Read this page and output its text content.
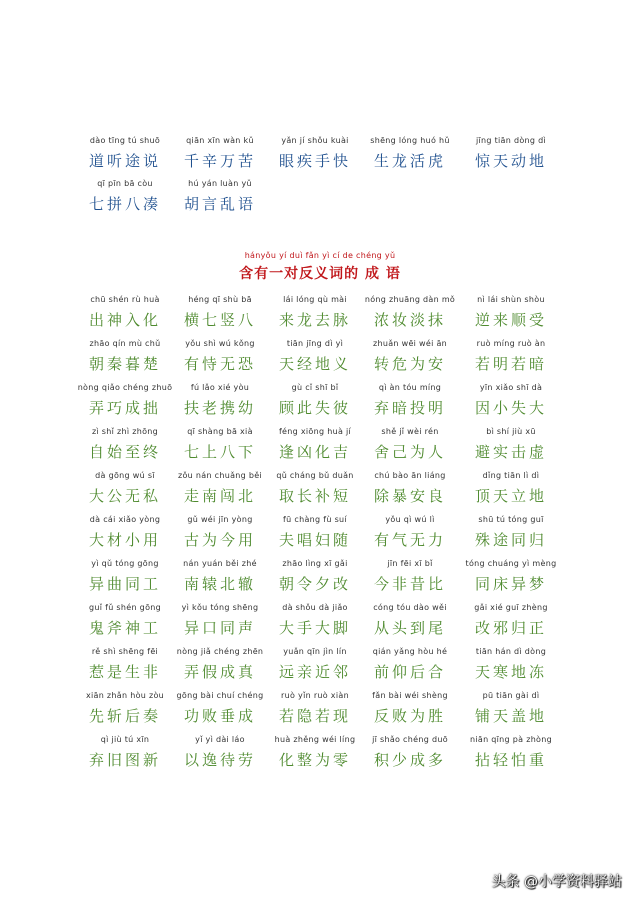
dào tīng tú shuō
道听途说
qiān xīn wàn kǔ
千辛万苦
yǎn jí shǒu kuài
眼疾手快
shēng lóng huó hǔ
生龙活虎
jīng tiān dòng dì
惊天动地
qī pīn bā còu
七拼八凑
hú yán luàn yǔ
胡言乱语
hányǒu yí duì fǎn yì cí de chéng yǔ
含有一对反义词的 成 语
chū shén rù huà
出神入化
héng qī shù bā
横七竖八
lái lóng qù mài
来龙去脉
nóng zhuāng dàn mǒ
浓妆淡抹
nì lái shùn shòu
逆来顺受
zhāo qín mù chǔ
朝秦暮楚
yǒu shì wú kǒng
有恃无恐
tiān jīng dì yì
天经地义
zhuǎn wēi wéi ān
转危为安
ruò míng ruò àn
若明若暗
nòng qiǎo chéng zhuō
弄巧成拙
fú lǎo xié yòu
扶老携幼
gù cǐ shī bǐ
顾此失彼
qì àn tóu míng
弃暗投明
yīn xiǎo shī dà
因小失大
zì shǐ zhì zhōng
自始至终
qī shàng bā xià
七上八下
féng xiōng huà jí
逢凶化吉
shě jǐ wèi rén
舍己为人
bì shí jiù xū
避实击虚
dà gōng wú sī
大公无私
zǒu nán chuǎng běi
走南闯北
qǔ cháng bǔ duǎn
取长补短
chú bào ān liáng
除暴安良
dǐng tiān lì dì
顶天立地
dà cái xiǎo yòng
大材小用
gǔ wéi jīn yòng
古为今用
fū chàng fù suí
夫唱妇随
yǒu qì wú lì
有气无力
shū tú tóng guī
殊途同归
yì qǔ tóng gōng
异曲同工
nán yuán běi zhé
南辕北辙
zhāo lìng xī gǎi
朝令夕改
jīn fēi xī bǐ
今非昔比
tóng chuáng yì mèng
同床异梦
guǐ fǔ shén gōng
鬼斧神工
yì kǒu tóng shēng
异口同声
dà shǒu dà jiǎo
大手大脚
cóng tóu dào wěi
从头到尾
gǎi xié guī zhèng
改邪归正
rě shì shēng fēi
惹是生非
nòng jiǎ chéng zhēn
弄假成真
yuǎn qīn jìn lín
远亲近邻
qián yǎng hòu hé
前仰后合
tiān hán dì dòng
天寒地冻
xiān zhǎn hòu zòu
先斩后奏
gōng bài chuí chéng
功败垂成
ruò yǐn ruò xiàn
若隐若现
fǎn bài wéi shèng
反败为胜
pū tiān gài dì
铺天盖地
qì jiù tú xīn
弃旧图新
yǐ yì dài láo
以逸待劳
huà zhěng wéi líng
化整为零
jī shǎo chéng duō
积少成多
niān qīng pà zhòng
拈轻怕重
头条 @小学资料驿站
